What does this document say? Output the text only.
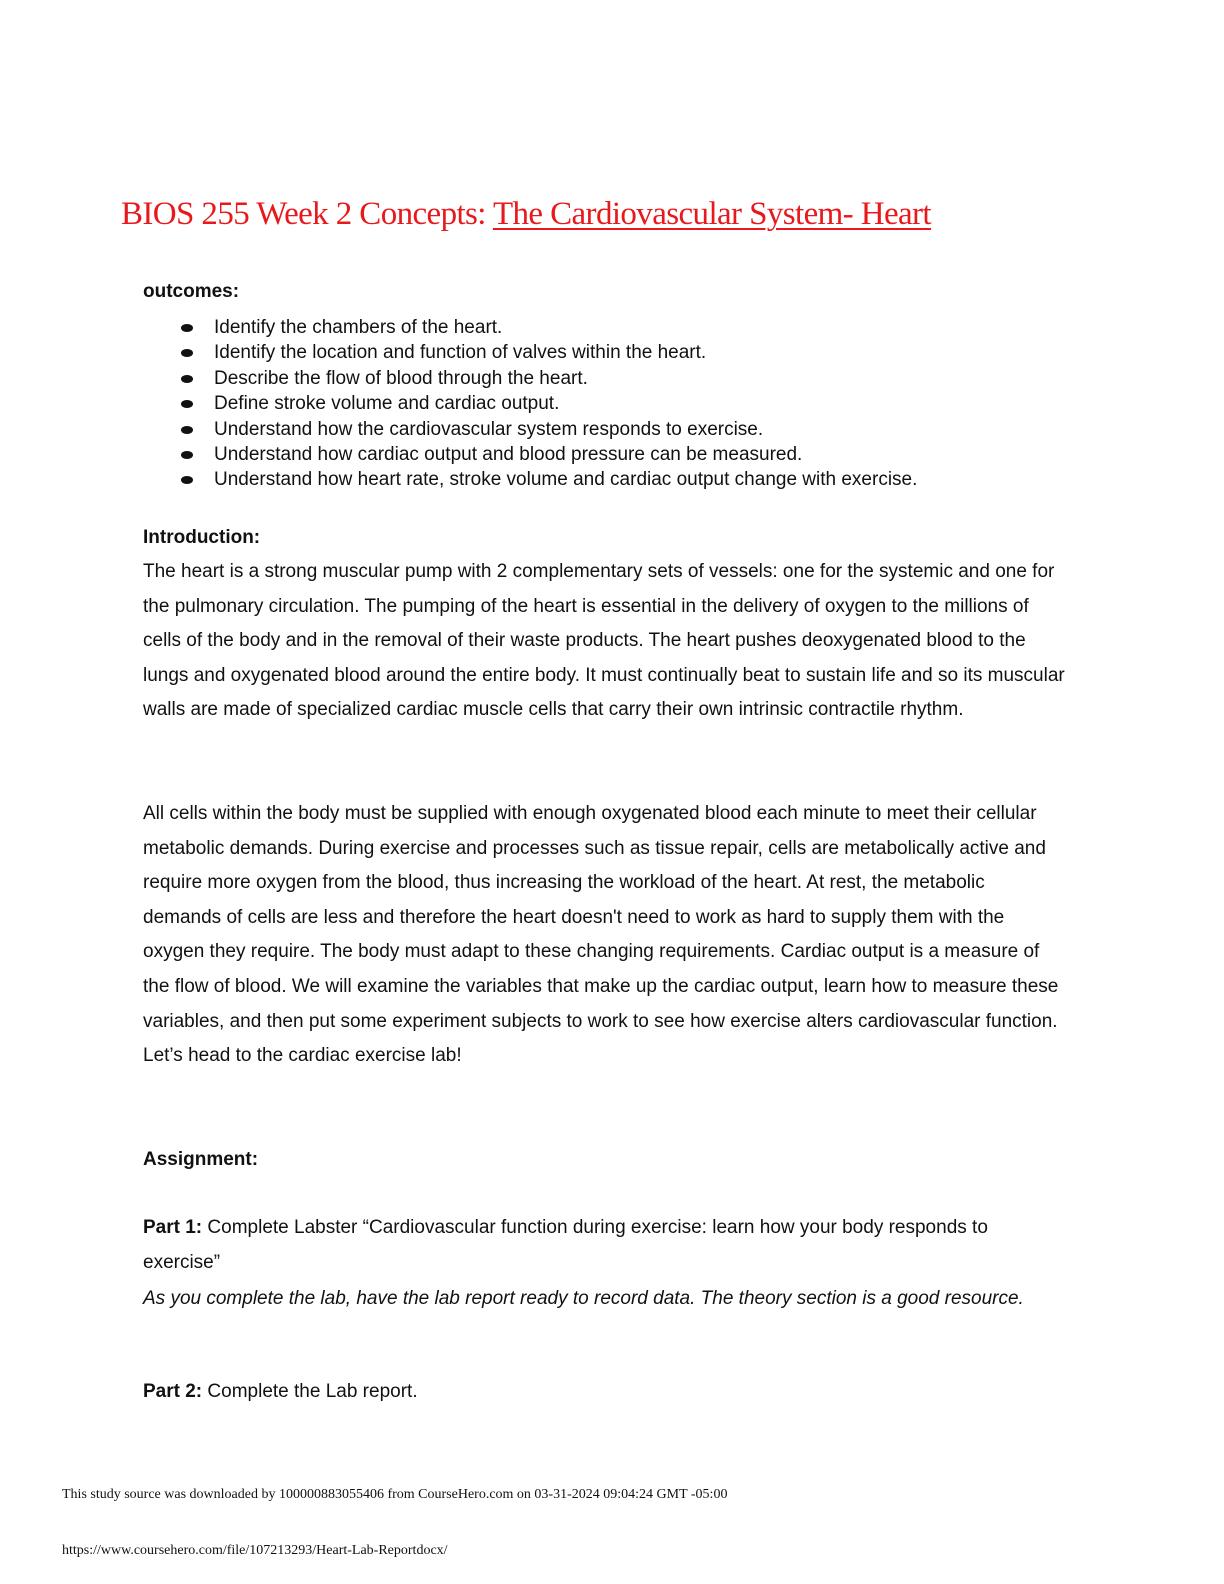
BIOS 255 Week 2 Concepts: The Cardiovascular System- Heart
outcomes:
Identify the chambers of the heart.
Identify the location and function of valves within the heart.
Describe the flow of blood through the heart.
Define stroke volume and cardiac output.
Understand how the cardiovascular system responds to exercise.
Understand how cardiac output and blood pressure can be measured.
Understand how heart rate, stroke volume and cardiac output change with exercise.
Introduction:

The heart is a strong muscular pump with 2 complementary sets of vessels: one for the systemic and one for the pulmonary circulation. The pumping of the heart is essential in the delivery of oxygen to the millions of cells of the body and in the removal of their waste products. The heart pushes deoxygenated blood to the lungs and oxygenated blood around the entire body. It must continually beat to sustain life and so its muscular walls are made of specialized cardiac muscle cells that carry their own intrinsic contractile rhythm.

All cells within the body must be supplied with enough oxygenated blood each minute to meet their cellular metabolic demands. During exercise and processes such as tissue repair, cells are metabolically active and require more oxygen from the blood, thus increasing the workload of the heart. At rest, the metabolic demands of cells are less and therefore the heart doesn't need to work as hard to supply them with the oxygen they require. The body must adapt to these changing requirements. Cardiac output is a measure of the flow of blood. We will examine the variables that make up the cardiac output, learn how to measure these variables, and then put some experiment subjects to work to see how exercise alters cardiovascular function. Let’s head to the cardiac exercise lab!

Assignment:

Part 1: Complete Labster “Cardiovascular function during exercise: learn how your body responds to exercise”

As you complete the lab, have the lab report ready to record data. The theory section is a good resource.

Part 2: Complete the Lab report.

This study source was downloaded by 100000883055406 from CourseHero.com on 03-31-2024 09:04:24 GMT -05:00

https://www.coursehero.com/file/107213293/Heart-Lab-Reportdocx/
